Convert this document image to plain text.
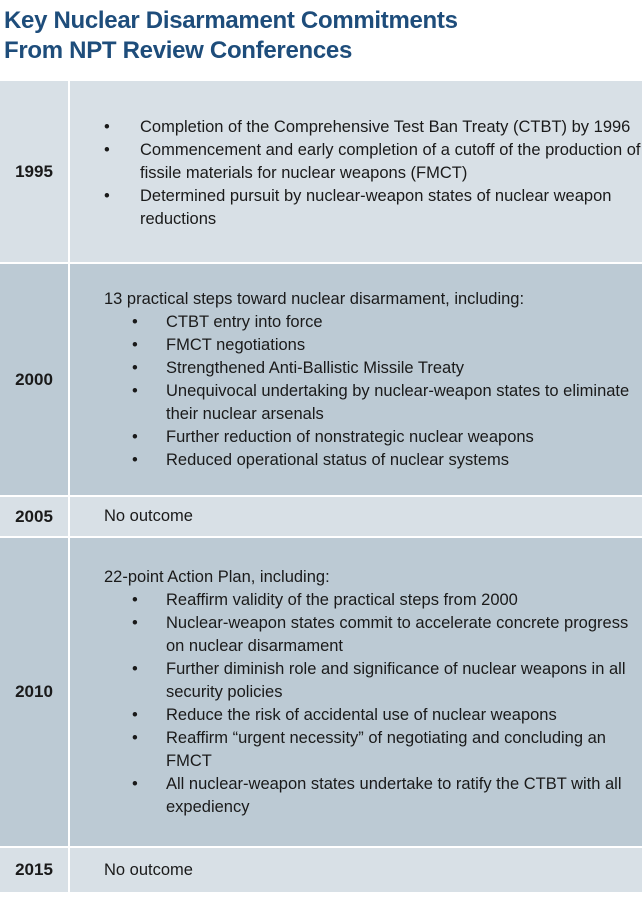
Key Nuclear Disarmament Commitments
From NPT Review Conferences
1995
• Completion of the Comprehensive Test Ban Treaty (CTBT) by 1996
• Commencement and early completion of a cutoff of the production of fissile materials for nuclear weapons (FMCT)
• Determined pursuit by nuclear-weapon states of nuclear weapon reductions
2000

13 practical steps toward nuclear disarmament, including:

• CTBT entry into force
• FMCT negotiations
• Strengthened Anti-Ballistic Missile Treaty
• Unequivocal undertaking by nuclear-weapon states to eliminate their nuclear arsenals
• Further reduction of nonstrategic nuclear weapons
• Reduced operational status of nuclear systems
2005	No outcome
2010

22-point Action Plan, including:

• Reaffirm validity of the practical steps from 2000
• Nuclear-weapon states commit to accelerate concrete progress on nuclear disarmament
• Further diminish role and significance of nuclear weapons in all security policies
• Reduce the risk of accidental use of nuclear weapons
• Reaffirm “urgent necessity” of negotiating and concluding an FMCT
• All nuclear-weapon states undertake to ratify the CTBT with all expediency
2015	No outcome
